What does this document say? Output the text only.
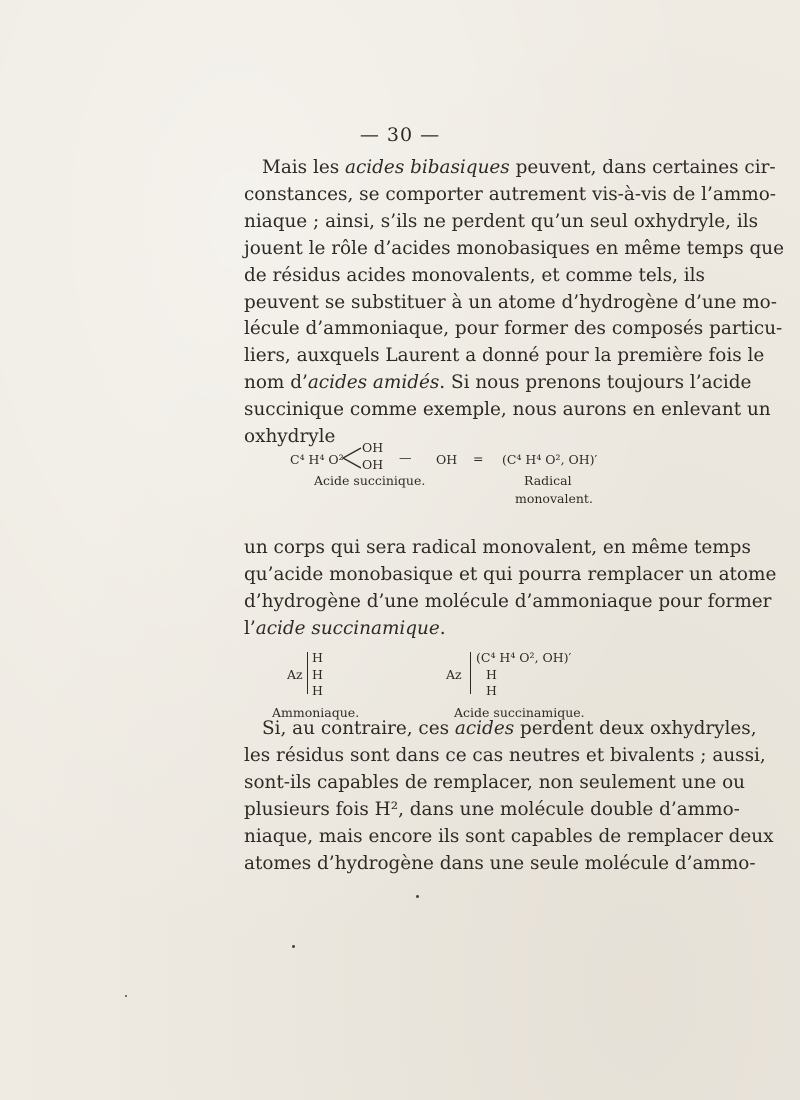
— 30 —
Mais les acides bibasiques peuvent, dans certaines cir-
constances, se comporter autrement vis-à-vis de l’ammo-
niaque ; ainsi, s’ils ne perdent qu’un seul oxhydryle, ils
jouent le rôle d’acides monobasiques en même temps que
de résidus acides monovalents, et comme tels, ils
peuvent se substituer à un atome d’hydrogène d’une mo-
lécule d’ammoniaque, pour former des composés particu-
liers, auxquels Laurent a donné pour la première fois le
nom d’acides amidés. Si nous prenons toujours l’acide
succinique comme exemple, nous aurons en enlevant un
oxhydryle
C⁴ H⁴ O²
OH
OH — OH = (C⁴ H⁴ O², OH)′
Acide succinique.	Radical
monovalent.
un corps qui sera radical monovalent, en même temps
qu’acide monobasique et qui pourra remplacer un atome
d’hydrogène d’une molécule d’ammoniaque pour former
l’acide succinamique.
Az
H
H
H
Az
(C⁴ H⁴ O², OH)′
H
H
Ammoniaque.	Acide succinamique.
Si, au contraire, ces acides perdent deux oxhydryles,
les résidus sont dans ce cas neutres et bivalents ; aussi,
sont-ils capables de remplacer, non seulement une ou
plusieurs fois H², dans une molécule double d’ammo-
niaque, mais encore ils sont capables de remplacer deux
atomes d’hydrogène dans une seule molécule d’ammo-
